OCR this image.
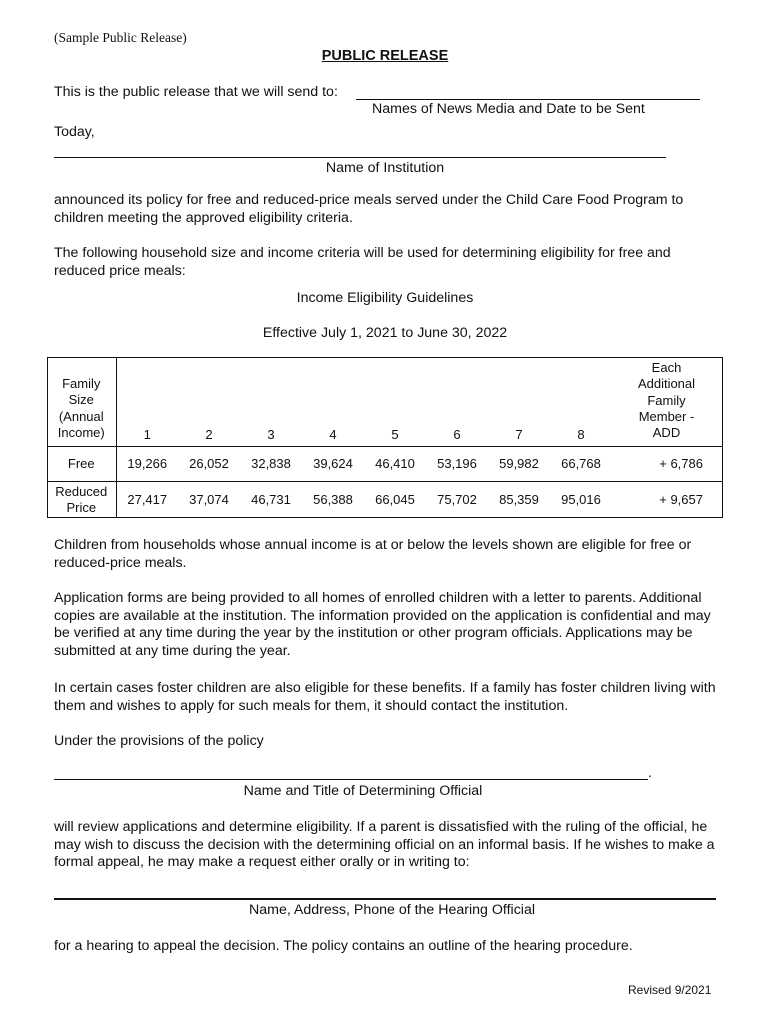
(Sample Public Release)
PUBLIC RELEASE
This is the public release that we will send to:
Names of News Media and Date to be Sent
Today,
Name of Institution
announced its policy for free and reduced-price meals served under the Child Care Food Program to children meeting the approved eligibility criteria.
The following household size and income criteria will be used for determining eligibility for free and reduced price meals:
Income Eligibility Guidelines
Effective July 1, 2021 to June 30, 2022
Family Size (Annual Income)	1	2	3	4	5	6	7	8	Each Additional Family Member - ADD
Free	19,266	26,052	32,838	39,624	46,410	53,196	59,982	66,768	+ 6,786
Reduced Price	27,417	37,074	46,731	56,388	66,045	75,702	85,359	95,016	+ 9,657
Children from households whose annual income is at or below the levels shown are eligible for free or reduced-price meals.
Application forms are being provided to all homes of enrolled children with a letter to parents. Additional copies are available at the institution. The information provided on the application is confidential and may be verified at any time during the year by the institution or other program officials. Applications may be submitted at any time during the year.
In certain cases foster children are also eligible for these benefits. If a family has foster children living with them and wishes to apply for such meals for them, it should contact the institution.
Under the provisions of the policy
.
Name and Title of Determining Official
will review applications and determine eligibility. If a parent is dissatisfied with the ruling of the official, he may wish to discuss the decision with the determining official on an informal basis. If he wishes to make a formal appeal, he may make a request either orally or in writing to:
Name, Address, Phone of the Hearing Official
for a hearing to appeal the decision. The policy contains an outline of the hearing procedure.
Revised 9/2021
